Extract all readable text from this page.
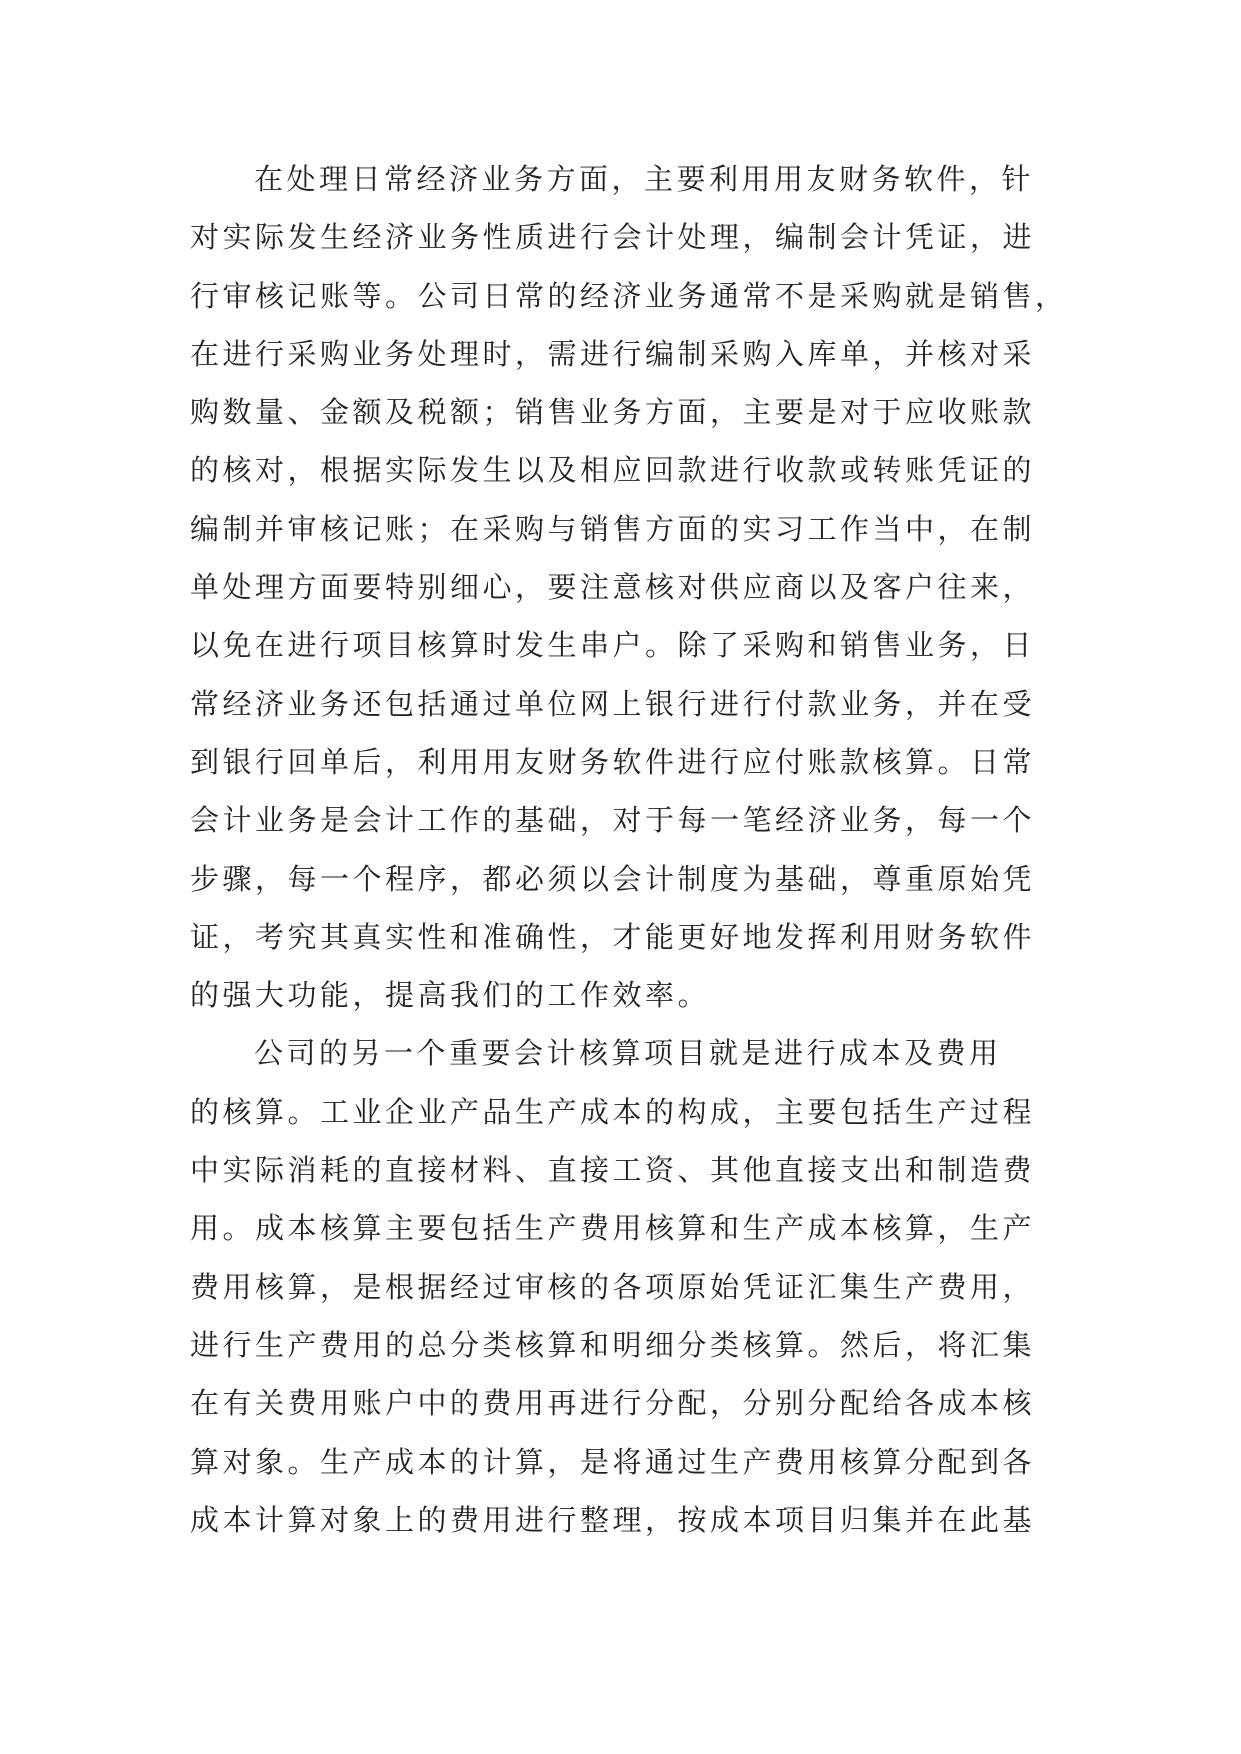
在处理日常经济业务方面，主要利用用友财务软件，针
对实际发生经济业务性质进行会计处理，编制会计凭证，进
行审核记账等。公司日常的经济业务通常不是采购就是销售，
在进行采购业务处理时，需进行编制采购入库单，并核对采
购数量、金额及税额；销售业务方面，主要是对于应收账款
的核对，根据实际发生以及相应回款进行收款或转账凭证的
编制并审核记账；在采购与销售方面的实习工作当中，在制
单处理方面要特别细心，要注意核对供应商以及客户往来，
以免在进行项目核算时发生串户。除了采购和销售业务，日
常经济业务还包括通过单位网上银行进行付款业务，并在受
到银行回单后，利用用友财务软件进行应付账款核算。日常
会计业务是会计工作的基础，对于每一笔经济业务，每一个
步骤，每一个程序，都必须以会计制度为基础，尊重原始凭
证，考究其真实性和准确性，才能更好地发挥利用财务软件
的强大功能，提高我们的工作效率。
公司的另一个重要会计核算项目就是进行成本及费用
的核算。工业企业产品生产成本的构成，主要包括生产过程
中实际消耗的直接材料、直接工资、其他直接支出和制造费
用。成本核算主要包括生产费用核算和生产成本核算，生产
费用核算，是根据经过审核的各项原始凭证汇集生产费用，
进行生产费用的总分类核算和明细分类核算。然后，将汇集
在有关费用账户中的费用再进行分配，分别分配给各成本核
算对象。生产成本的计算，是将通过生产费用核算分配到各
成本计算对象上的费用进行整理，按成本项目归集并在此基
